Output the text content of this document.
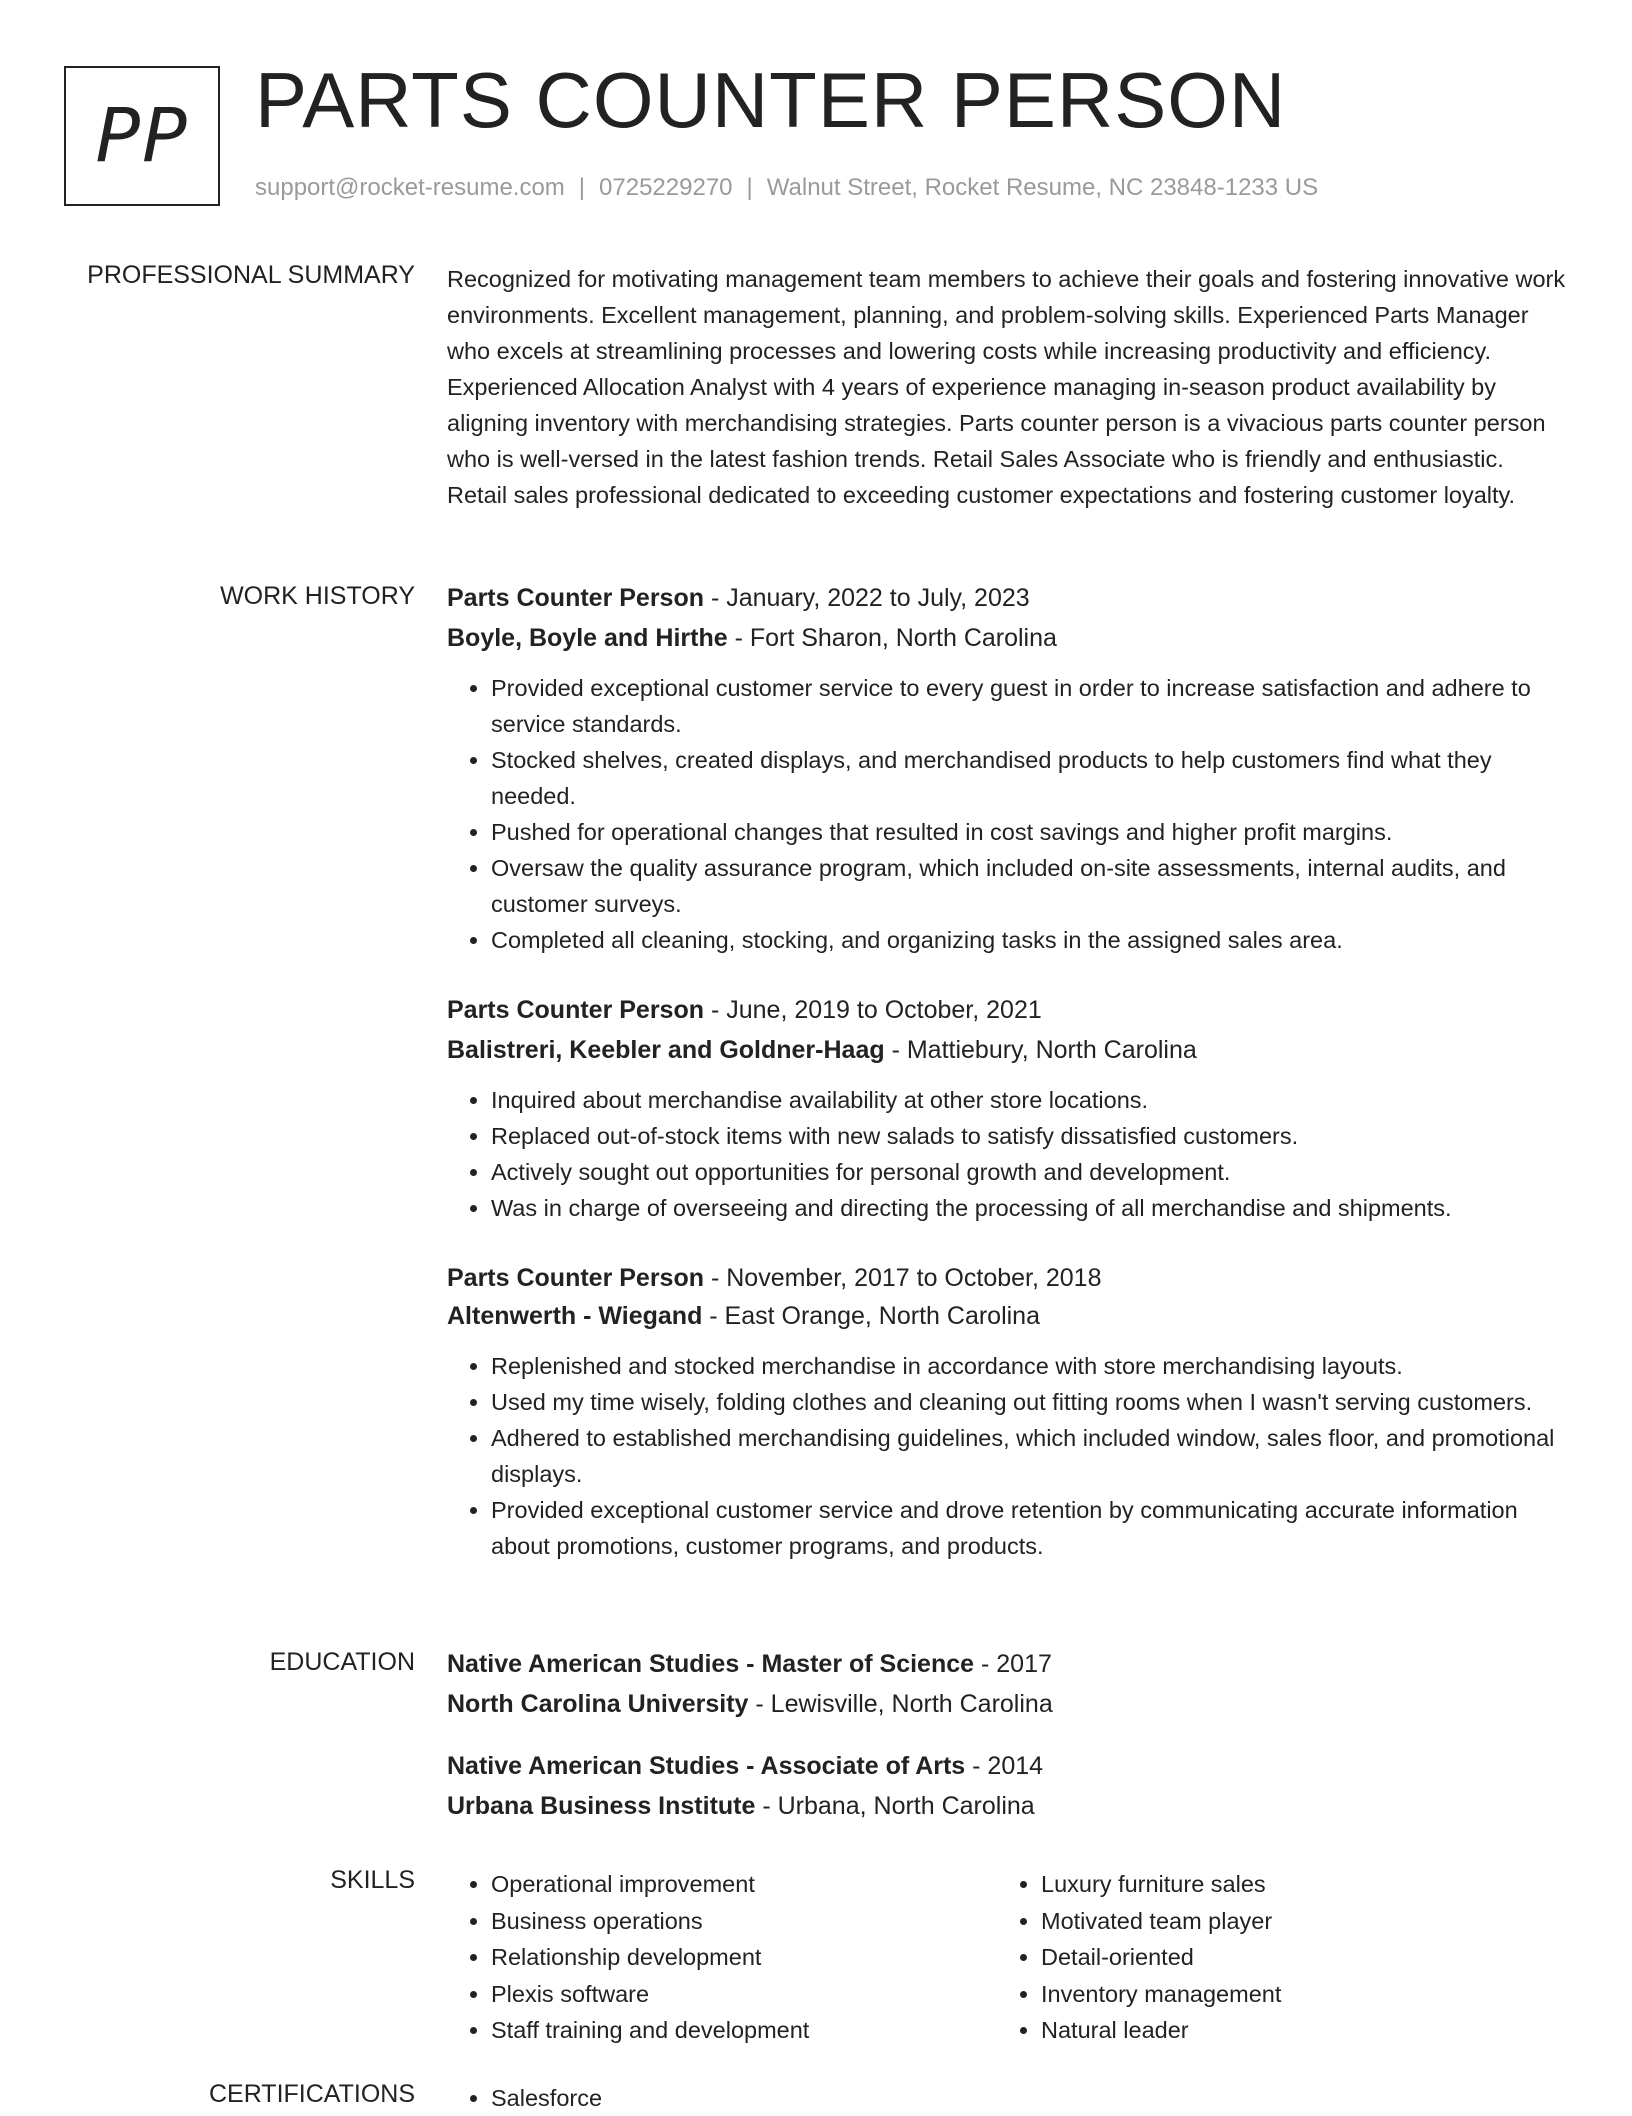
PP PARTS COUNTER PERSON
support@rocket-resume.com | 0725229270 | Walnut Street, Rocket Resume, NC 23848-1233 US
PROFESSIONAL SUMMARY Recognized for motivating management team members to achieve their goals and fostering innovative work environments. Excellent management, planning, and problem-solving skills. Experienced Parts Manager who excels at streamlining processes and lowering costs while increasing productivity and efficiency. Experienced Allocation Analyst with 4 years of experience managing in-season product availability by aligning inventory with merchandising strategies. Parts counter person is a vivacious parts counter person who is well-versed in the latest fashion trends. Retail Sales Associate who is friendly and enthusiastic. Retail sales professional dedicated to exceeding customer expectations and fostering customer loyalty.

WORK HISTORY Parts Counter Person - January, 2022 to July, 2023
Boyle, Boyle and Hirthe - Fort Sharon, North Carolina
• Provided exceptional customer service to every guest in order to increase satisfaction and adhere to service standards.
• Stocked shelves, created displays, and merchandised products to help customers find what they needed.
• Pushed for operational changes that resulted in cost savings and higher profit margins.
• Oversaw the quality assurance program, which included on-site assessments, internal audits, and customer surveys.
• Completed all cleaning, stocking, and organizing tasks in the assigned sales area.
Parts Counter Person - June, 2019 to October, 2021
Balistreri, Keebler and Goldner-Haag - Mattiebury, North Carolina
• Inquired about merchandise availability at other store locations.
• Replaced out-of-stock items with new salads to satisfy dissatisfied customers.
• Actively sought out opportunities for personal growth and development.
• Was in charge of overseeing and directing the processing of all merchandise and shipments.
Parts Counter Person - November, 2017 to October, 2018
Altenwerth - Wiegand - East Orange, North Carolina
• Replenished and stocked merchandise in accordance with store merchandising layouts.
• Used my time wisely, folding clothes and cleaning out fitting rooms when I wasn't serving customers.
• Adhered to established merchandising guidelines, which included window, sales floor, and promotional displays.
• Provided exceptional customer service and drove retention by communicating accurate information about promotions, customer programs, and products.
EDUCATION Native American Studies - Master of Science - 2017
North Carolina University - Lewisville, North Carolina
Native American Studies - Associate of Arts - 2014
Urbana Business Institute - Urbana, North Carolina
SKILLS	• Operational improvement
• Business operations
• Relationship development
• Plexis software
• Staff training and development
• Luxury furniture sales
• Motivated team player
• Detail-oriented
• Inventory management
• Natural leader
CERTIFICATIONS	• Salesforce
